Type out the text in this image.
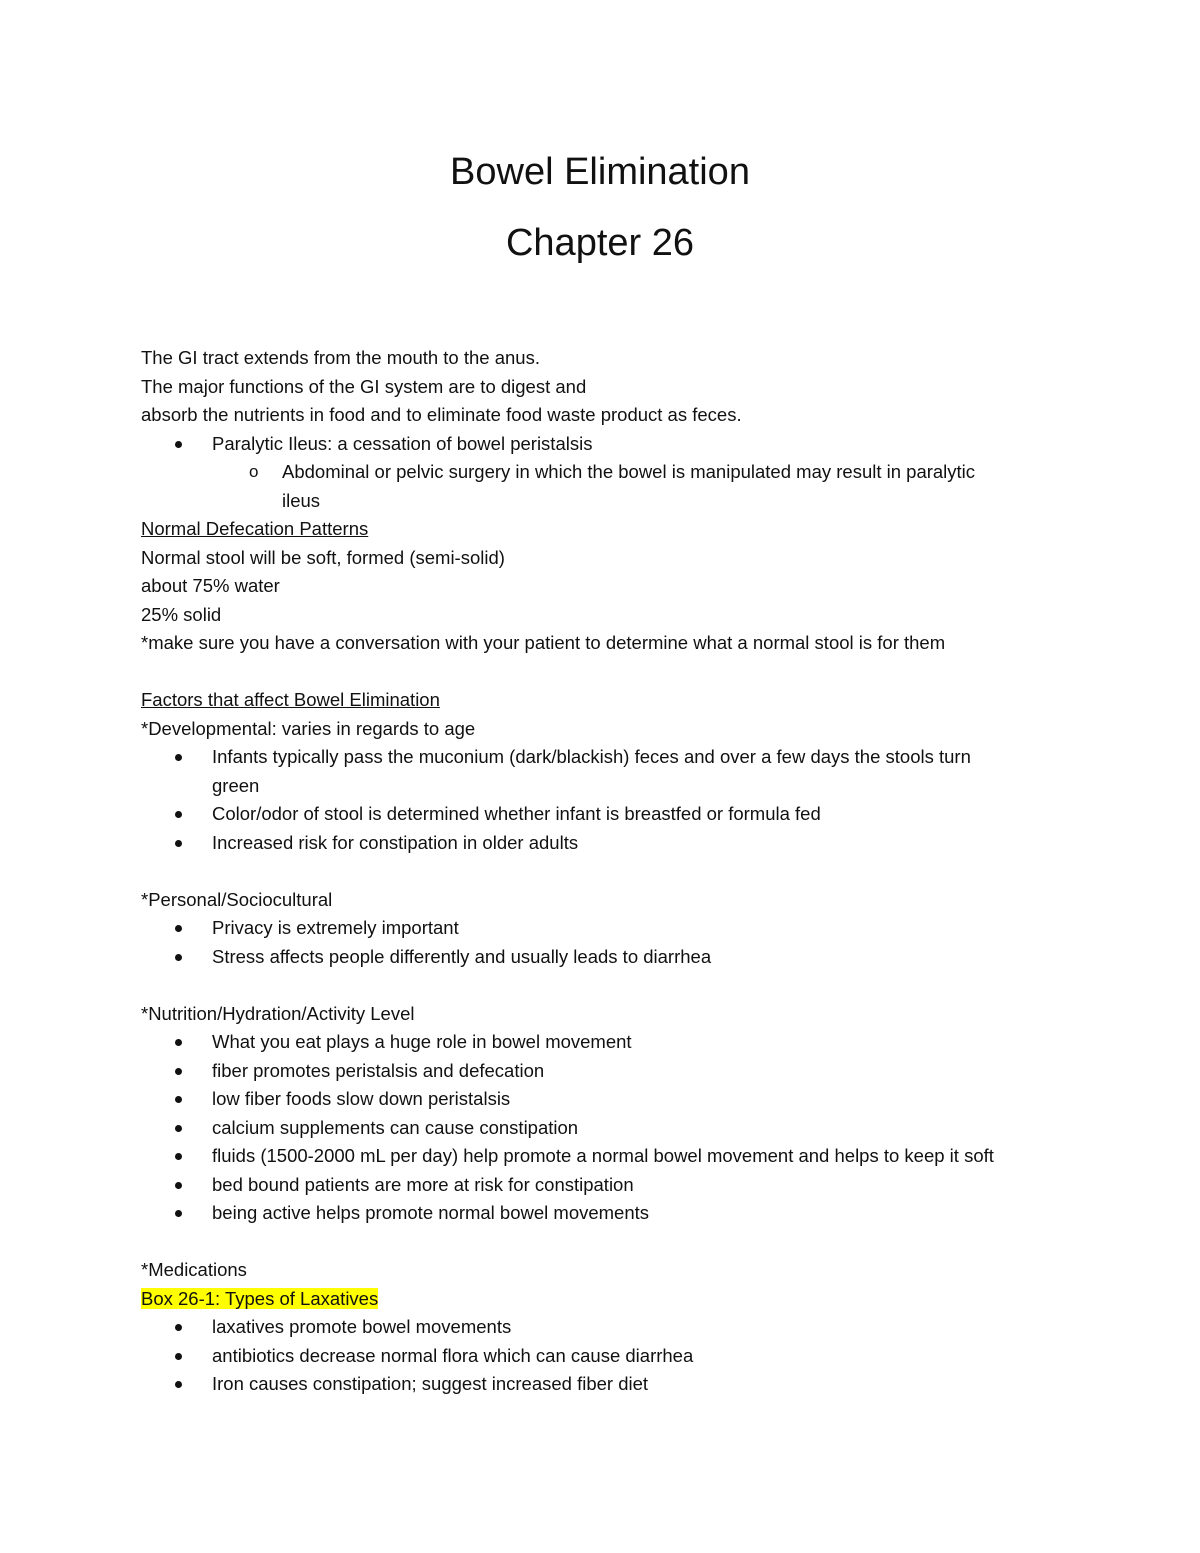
Bowel Elimination
Chapter 26

The GI tract extends from the mouth to the anus.

The major functions of the GI system are to digest and

absorb the nutrients in food and to eliminate food waste product as feces.

Paralytic Ileus: a cessation of bowel peristalsis
o Abdominal or pelvic surgery in which the bowel is manipulated may result in paralytic
ileus

Normal Defecation Patterns

Normal stool will be soft, formed (semi-solid)

about 75% water

25% solid

*make sure you have a conversation with your patient to determine what a normal stool is for them

Factors that affect Bowel Elimination

*Developmental: varies in regards to age

Infants typically pass the muconium (dark/blackish) feces and over a few days the stools turn
green
Color/odor of stool is determined whether infant is breastfed or formula fed
Increased risk for constipation in older adults

*Personal/Sociocultural

Privacy is extremely important
Stress affects people differently and usually leads to diarrhea

*Nutrition/Hydration/Activity Level

What you eat plays a huge role in bowel movement
fiber promotes peristalsis and defecation
low fiber foods slow down peristalsis
calcium supplements can cause constipation
fluids (1500-2000 mL per day) help promote a normal bowel movement and helps to keep it soft
bed bound patients are more at risk for constipation
being active helps promote normal bowel movements

*Medications

Box 26-1: Types of Laxatives

laxatives promote bowel movements
antibiotics decrease normal flora which can cause diarrhea
Iron causes constipation; suggest increased fiber diet
